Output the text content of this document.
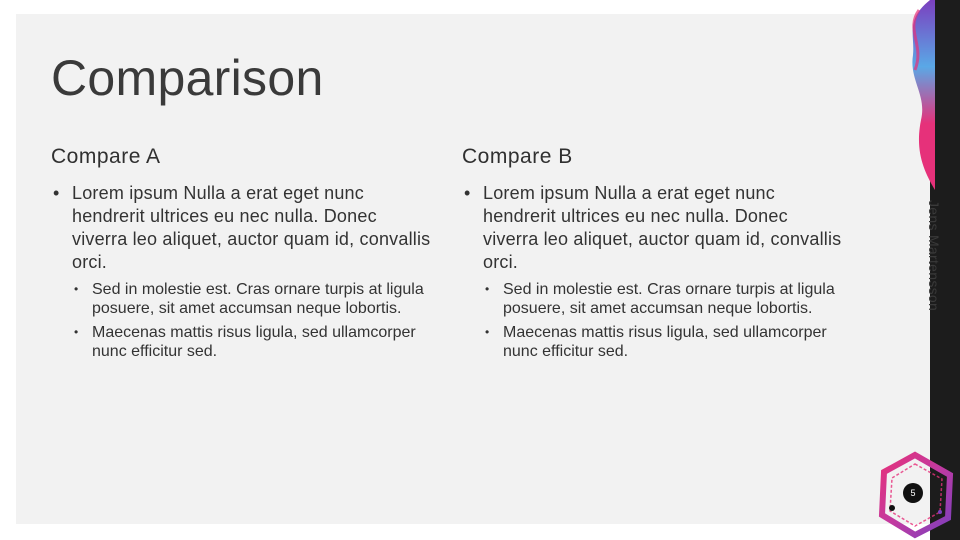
Comparison
Compare A
• Lorem ipsum Nulla a erat eget nunc hendrerit ultrices eu nec nulla. Donec viverra leo aliquet, auctor quam id, convallis orci.
• Sed in molestie est. Cras ornare turpis at ligula posuere, sit amet accumsan neque lobortis.
• Maecenas mattis risus ligula, sed ullamcorper nunc efficitur sed.
Compare B
• Lorem ipsum Nulla a erat eget nunc hendrerit ultrices eu nec nulla. Donec viverra leo aliquet, auctor quam id, convallis orci.
• Sed in molestie est. Cras ornare turpis at ligula posuere, sit amet accumsan neque lobortis.
• Maecenas mattis risus ligula, sed ullamcorper nunc efficitur sed.
Jens Martensson
5
